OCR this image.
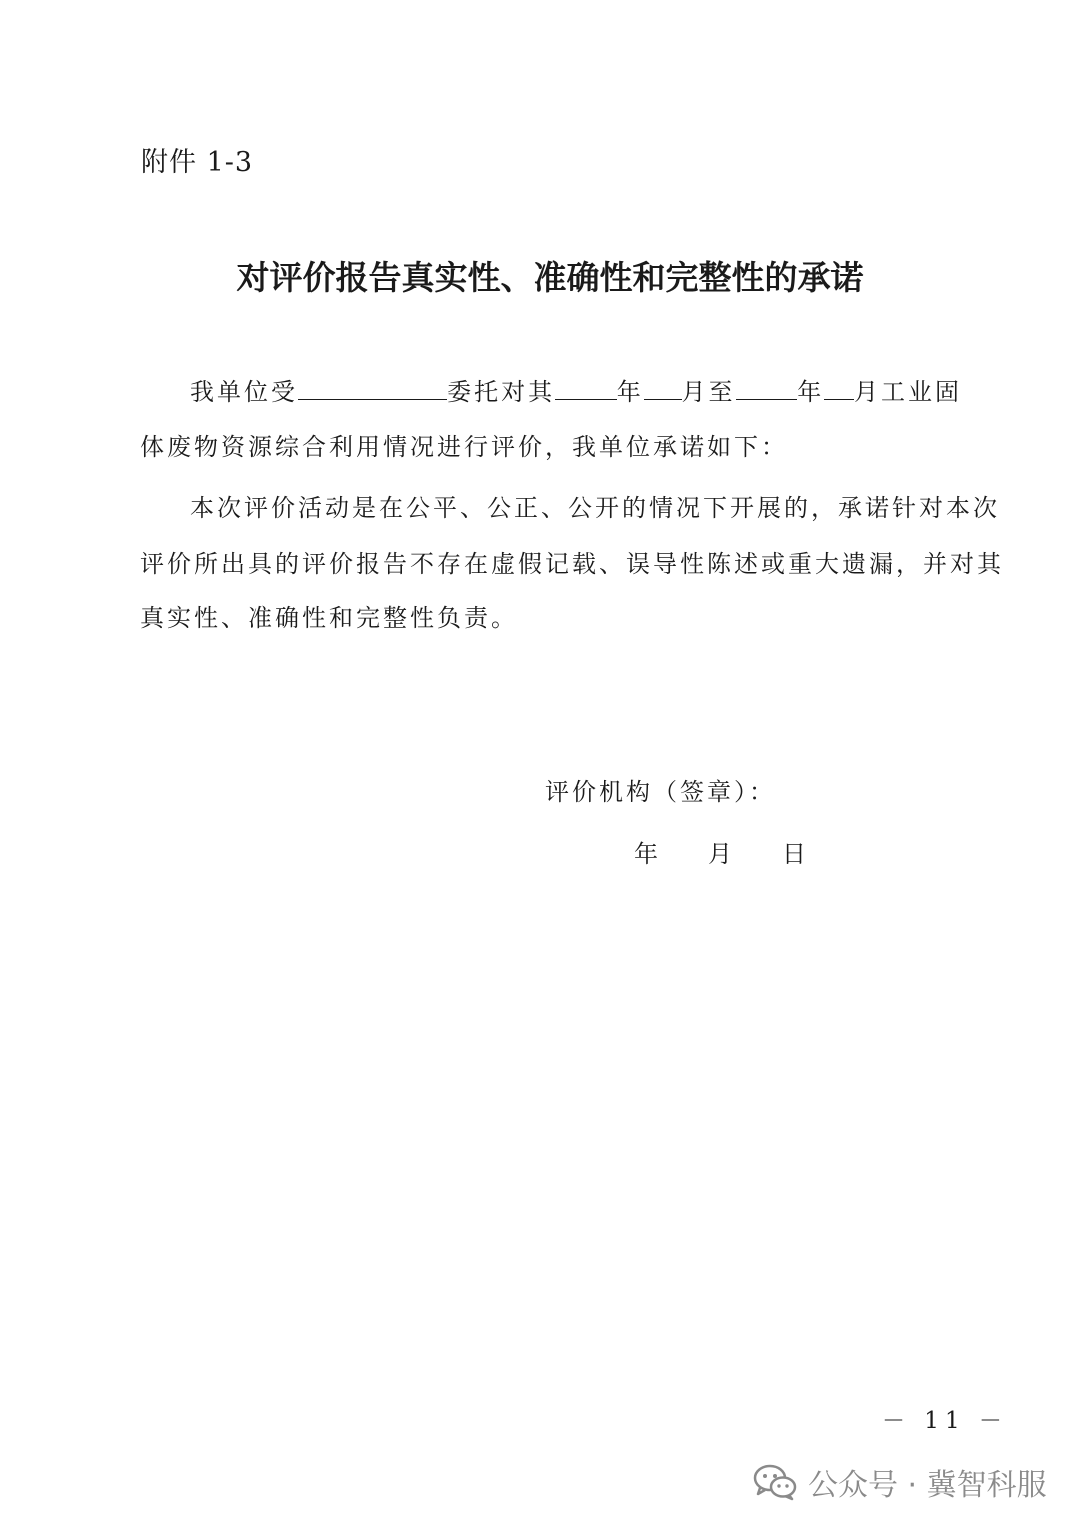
附件 1-3
对评价报告真实性、准确性和完整性的承诺
我单位受	委托对其	年 月至	年 月工业固
体废物资源综合利用情况进行评价，我单位承诺如下：
本次评价活动是在公平、公正、公开的情况下开展的，承诺针对本次
评价所出具的评价报告不存在虚假记载、误导性陈述或重大遗漏，并对其
真实性、准确性和完整性负责。
评价机构（签章）：
年 月 日
－ 11 －
公众号 · 冀智科服
